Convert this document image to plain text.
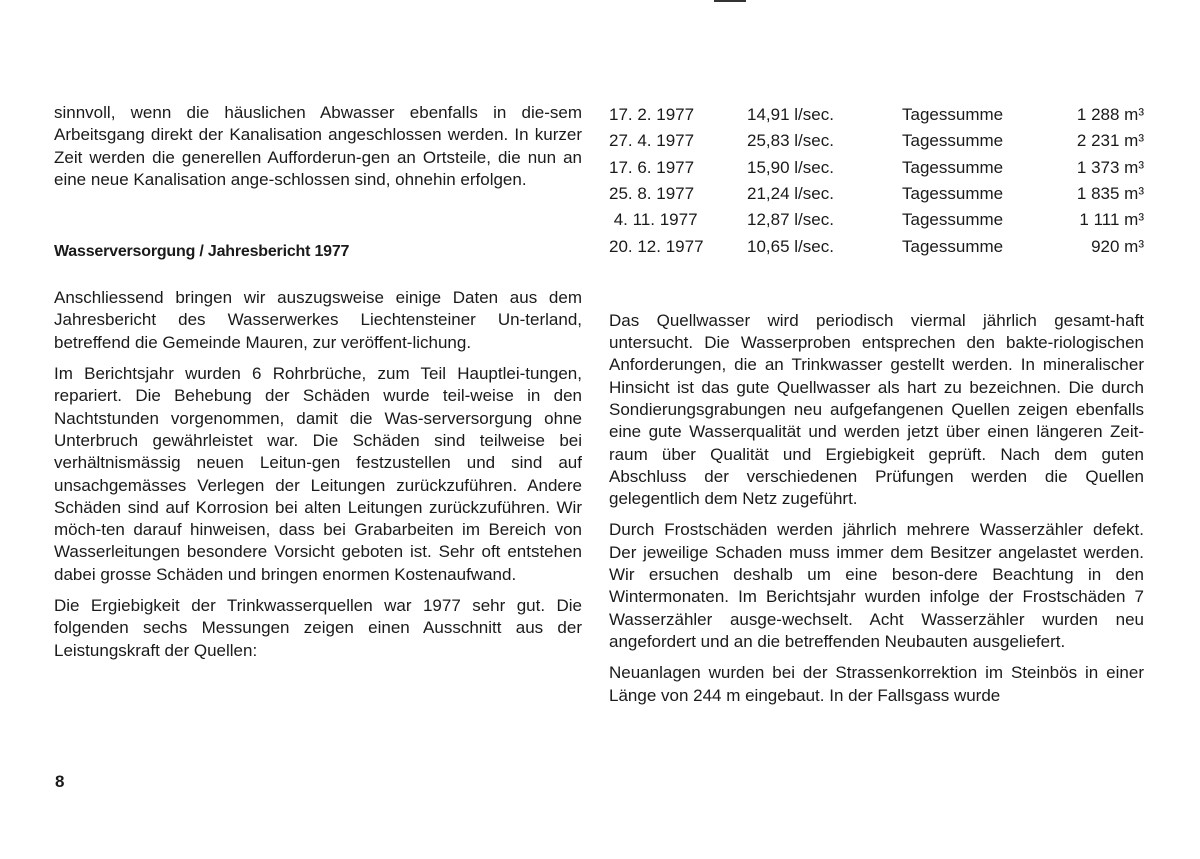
sinnvoll, wenn die häuslichen Abwasser ebenfalls in die-sem Arbeitsgang direkt der Kanalisation angeschlossen werden. In kurzer Zeit werden die generellen Aufforderun-gen an Ortsteile, die nun an eine neue Kanalisation ange-schlossen sind, ohnehin erfolgen.

Wasserversorgung / Jahresbericht 1977

Anschliessend bringen wir auszugsweise einige Daten aus dem Jahresbericht des Wasserwerkes Liechtensteiner Un-terland, betreffend die Gemeinde Mauren, zur veröffent-lichung.

Im Berichtsjahr wurden 6 Rohrbrüche, zum Teil Hauptlei-tungen, repariert. Die Behebung der Schäden wurde teil-weise in den Nachtstunden vorgenommen, damit die Was-serversorgung ohne Unterbruch gewährleistet war. Die Schäden sind teilweise bei verhältnismässig neuen Leitun-gen festzustellen und sind auf unsachgemässes Verlegen der Leitungen zurückzuführen. Andere Schäden sind auf Korrosion bei alten Leitungen zurückzuführen. Wir möch-ten darauf hinweisen, dass bei Grabarbeiten im Bereich von Wasserleitungen besondere Vorsicht geboten ist. Sehr oft entstehen dabei grosse Schäden und bringen enormen Kostenaufwand.

Die Ergiebigkeit der Trinkwasserquellen war 1977 sehr gut. Die folgenden sechs Messungen zeigen einen Ausschnitt aus der Leistungskraft der Quellen:

17. 2. 1977	14,91 l/sec.	Tagessumme	1 288 m³
27. 4. 1977	25,83 l/sec.	Tagessumme	2 231 m³
17. 6. 1977	15,90 l/sec.	Tagessumme	1 373 m³
25. 8. 1977	21,24 l/sec.	Tagessumme	1 835 m³
4. 11. 1977	12,87 l/sec.	Tagessumme	1 111 m³
20. 12. 1977	10,65 l/sec.	Tagessumme	920 m³

Das Quellwasser wird periodisch viermal jährlich gesamt-haft untersucht. Die Wasserproben entsprechen den bakte-riologischen Anforderungen, die an Trinkwasser gestellt werden. In mineralischer Hinsicht ist das gute Quellwasser als hart zu bezeichnen. Die durch Sondierungsgrabungen neu aufgefangenen Quellen zeigen ebenfalls eine gute Wasserqualität und werden jetzt über einen längeren Zeit-raum über Qualität und Ergiebigkeit geprüft. Nach dem guten Abschluss der verschiedenen Prüfungen werden die Quellen gelegentlich dem Netz zugeführt.

Durch Frostschäden werden jährlich mehrere Wasserzähler defekt. Der jeweilige Schaden muss immer dem Besitzer angelastet werden. Wir ersuchen deshalb um eine beson-dere Beachtung in den Wintermonaten. Im Berichtsjahr wurden infolge der Frostschäden 7 Wasserzähler ausge-wechselt. Acht Wasserzähler wurden neu angefordert und an die betreffenden Neubauten ausgeliefert.

Neuanlagen wurden bei der Strassenkorrektion im Steinbös in einer Länge von 244 m eingebaut. In der Fallsgass wurde

8
